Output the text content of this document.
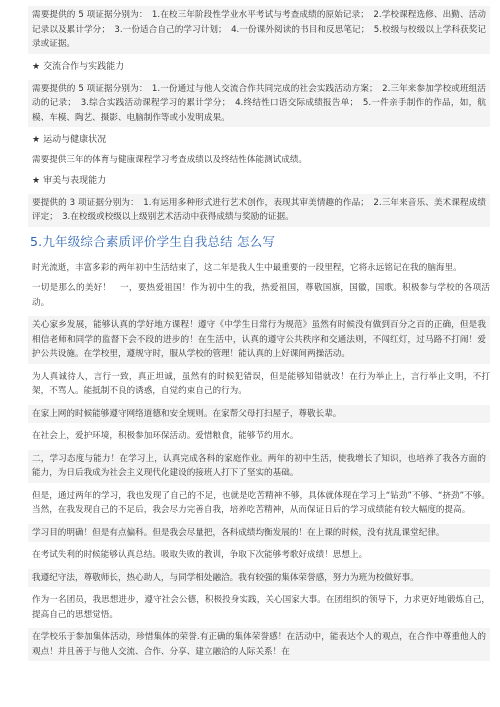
需要提供的 5 项证据分别为：　1.在校三年阶段性学业水平考试与考查成绩的原始记录；　2.学校课程选修、出勤、活动记录以及累计学分；　3.一份适合自己的学习计划；　4.一份课外阅读的书目和反思笔记；　5.校级与校级以上学科获奖记录或证据。

★ 交流合作与实践能力

需要提供的 5 项证据分别为：　1.一份通过与他人交流合作共同完成的社会实践活动方案；　2.三年来参加学校或班组活动的记录；　3.综合实践活动课程学习的累计学分；　4.终结性口语交际成绩报告单；　5.一件亲手制作的作品，如，航模、车模、陶艺、摄影、电脑制作等或小发明成果。

★ 运动与健康状况

需要提供三年的体育与健康课程学习考查成绩以及终结性体能测试成绩。

★ 审美与表现能力

要提供的 3 项证据分别为：　1.有运用多种形式进行艺术创作，表现其审美情趣的作品；　2.三年来音乐、美术课程成绩评定；　3.在校级或校级以上级别艺术活动中获得成绩与奖励的证据。

5.九年级综合素质评价学生自我总结 怎么写

时光流逝，丰富多彩的两年初中生活结束了，这二年是我人生中最重要的一段里程，它将永远铭记在我的脑海里。

一切是那么的美好！　一，要热爱祖国！作为初中生的我，热爱祖国，尊敬国旗，国徽，国歌。积极参与学校的各项活动。

关心家乡发展，能够认真的学好地方课程！遵守《中学生日常行为规范》虽然有时候没有做到百分之百的正确，但是我相信老师和同学的监督下会不段的进步的！在生活中，认真的遵守公共秩序和交通法则，不闯红灯，过马路不打闹！爱护公共设施。在学校里，遵规守时，服从学校的管理！能认真的上好课间两操活动。

为人真诚待人，言行一致，真正坦诚，虽然有的时候犯错误，但是能够知错就改！在行为举止上，言行举止文明，不打架，不骂人。能抵制不良的诱惑，自觉约束自己的行为。

在家上网的时候能够遵守网络道德和安全规则。在家帮父母打扫屋子，尊敬长辈。

在社会上，爱护环境，积极参加环保活动。爱惜粮食，能够节约用水。

二，学习态度与能力！在学习上，认真完成各科的家庭作业。两年的初中生活，使我增长了知识，也培养了我各方面的能力，为日后我成为社会主义现代化建设的接班人打下了坚实的基础。

但是，通过两年的学习，我也发现了自己的不足，也就是吃苦精神不够，具体就体现在学习上“钻劲”不够、“挤劲”不够。当然，在我发现自己的不足后，我会尽力完善自我，培养吃苦精神，从而保证日后的学习成绩能有较大幅度的提高。

学习目的明确！但是有点偏科。但是我会尽量把，各科成绩均衡发展的！在上课的时候，没有扰乱课堂纪律。

在考试失利的时候能够认真总结。吸取失败的教训，争取下次能够考歌好成绩！思想上。

我遵纪守法，尊敬师长，热心助人，与同学相处融洽。我有较强的集体荣誉感，努力为班为校做好事。

作为一名团员，我思想进步，遵守社会公德，积极投身实践，关心国家大事。在团组织的领导下，力求更好地锻炼自己，提高自己的思想觉悟。

在学校乐于参加集体活动，珍惜集体的荣誉.有正确的集体荣誉感！在活动中，能表达个人的观点，在合作中尊重他人的观点！并且善于与他人交流、合作、分享、建立融洽的人际关系！在
